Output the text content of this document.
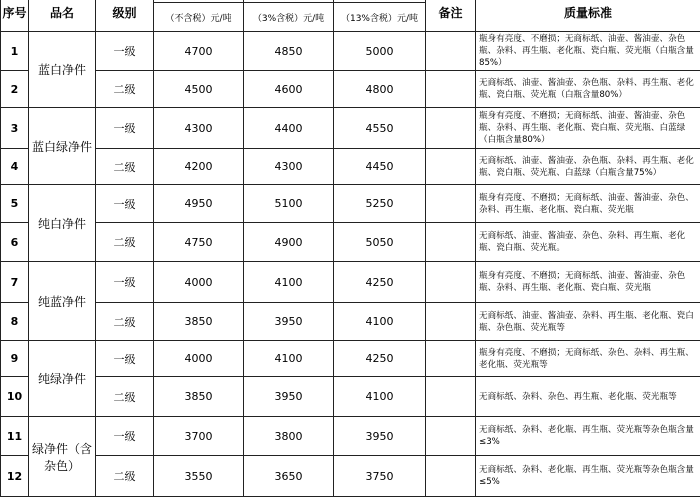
序号	品名	级别				备注	质量标准
			（不含税）元/吨	（3%含税）元/吨	（13%含税）元/吨		

1	蓝白净件	一级	4700	4850	5000		瓶身有亮度、不磨损；无商标纸、油壶、酱油壶、杂色瓶、杂料、再生瓶、老化瓶、瓷白瓶、荧光瓶（白瓶含量85%）
2		二级	4500	4600	4800		无商标纸、油壶、酱油壶、杂色瓶、杂料、再生瓶、老化瓶、瓷白瓶、荧光瓶（白瓶含量80%）
3	蓝白绿净件	一级	4300	4400	4550		瓶身有亮度、不磨损；无商标纸、油壶、酱油壶、杂色瓶、杂料、再生瓶、老化瓶、瓷白瓶、荧光瓶、白蓝绿（白瓶含量80%）
4		二级	4200	4300	4450		无商标纸、油壶、酱油壶、杂色瓶、杂料、再生瓶、老化瓶、瓷白瓶、荧光瓶、白蓝绿（白瓶含量75%）
5	纯白净件	一级	4950	5100	5250		瓶身有亮度、不磨损；无商标纸、油壶、酱油壶、杂色、杂料、再生瓶、老化瓶、瓷白瓶、荧光瓶
6		二级	4750	4900	5050		无商标纸、油壶、酱油壶、杂色、杂料、再生瓶、老化瓶、瓷白瓶、荧光瓶。
7	纯蓝净件	一级	4000	4100	4250		瓶身有亮度、不磨损；无商标纸、油壶、酱油壶、杂色瓶、杂料、再生瓶、老化瓶、瓷白瓶、荧光瓶
8		二级	3850	3950	4100		无商标纸、油壶、酱油壶、杂料、再生瓶、老化瓶、瓷白瓶、杂色瓶、荧光瓶等
9	纯绿净件	一级	4000	4100	4250		瓶身有亮度、不磨损；无商标纸、杂色、杂料、再生瓶、老化瓶、荧光瓶等
10		二级	3850	3950	4100		无商标纸、杂料、杂色、再生瓶、老化瓶、荧光瓶等
11	绿净件（含杂色）	一级	3700	3800	3950		无商标纸、杂料、老化瓶、再生瓶、荧光瓶等杂色瓶含量≤3%
12		二级	3550	3650	3750		无商标纸、杂料、老化瓶、再生瓶、荧光瓶等杂色瓶含量≤5%
